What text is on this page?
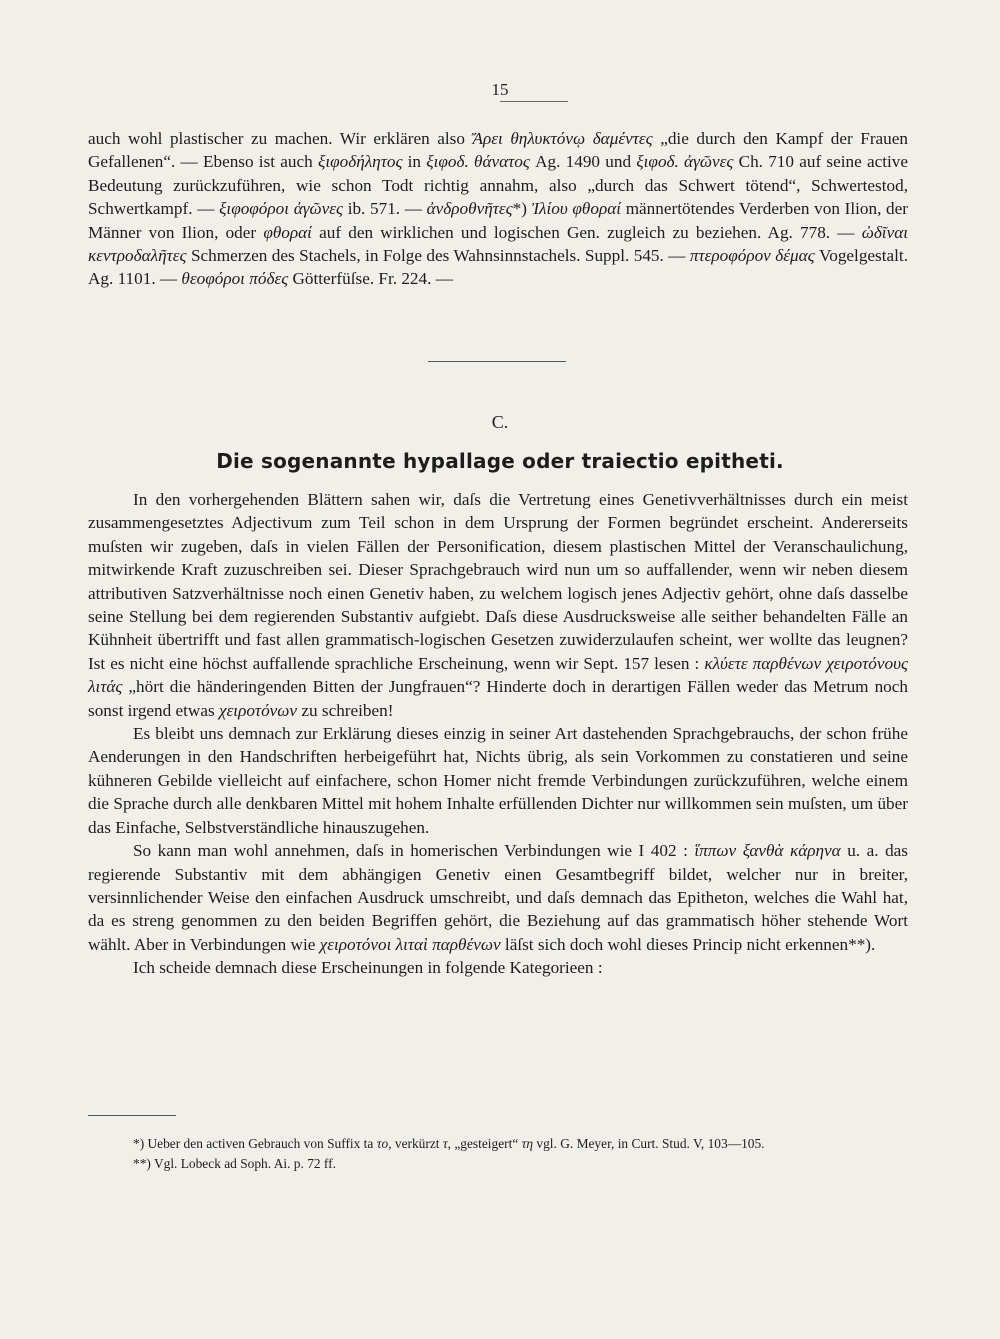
15

auch wohl plastischer zu machen. Wir erklären also Ἄρει θηλυκτόνῳ δαμέντες „die durch den Kampf der Frauen Gefallenen“. — Ebenso ist auch ξιφοδήλητος in ξιφοδ. θάνατος Ag. 1490 und ξιφοδ. ἀγῶνες Ch. 710 auf seine active Bedeutung zurückzuführen, wie schon Todt richtig annahm, also „durch das Schwert tötend“, Schwertestod, Schwertkampf. — ξιφοφόροι ἀγῶνες ib. 571. — ἀνδροθνῆτες*) Ἰλίου φθοραί männertötendes Verderben von Ilion, der Männer von Ilion, oder φθοραί auf den wirklichen und logischen Gen. zugleich zu beziehen. Ag. 778. — ὠδῖναι κεντροδαλῆτες Schmerzen des Stachels, in Folge des Wahnsinnstachels. Suppl. 545. — πτεροφόρον δέμας Vogelgestalt. Ag. 1101. — θεοφόροι πόδες Götterfüſse. Fr. 224. —

C.
Die sogenannte hypallage oder traiectio epitheti.

In den vorhergehenden Blättern sahen wir, daſs die Vertretung eines Genetivverhältnisses durch ein meist zusammengesetztes Adjectivum zum Teil schon in dem Ursprung der Formen begründet erscheint. Andererseits muſsten wir zugeben, daſs in vielen Fällen der Personification, diesem plastischen Mittel der Veranschaulichung, mitwirkende Kraft zuzuschreiben sei. Dieser Sprachgebrauch wird nun um so auffallender, wenn wir neben diesem attributiven Satzverhältnisse noch einen Genetiv haben, zu welchem logisch jenes Adjectiv gehört, ohne daſs dasselbe seine Stellung bei dem regierenden Substantiv aufgiebt. Daſs diese Ausdrucksweise alle seither behandelten Fälle an Kühnheit übertrifft und fast allen grammatisch-logischen Gesetzen zuwiderzulaufen scheint, wer wollte das leugnen? Ist es nicht eine höchst auffallende sprachliche Erscheinung, wenn wir Sept. 157 lesen : κλύετε παρθένων χειροτόνους λιτάς „hört die händeringenden Bitten der Jungfrauen“? Hinderte doch in derartigen Fällen weder das Metrum noch sonst irgend etwas χειροτόνων zu schreiben!

Es bleibt uns demnach zur Erklärung dieses einzig in seiner Art dastehenden Sprachgebrauchs, der schon frühe Aenderungen in den Handschriften herbeigeführt hat, Nichts übrig, als sein Vorkommen zu constatieren und seine kühneren Gebilde vielleicht auf einfachere, schon Homer nicht fremde Verbindungen zurückzuführen, welche einem die Sprache durch alle denkbaren Mittel mit hohem Inhalte erfüllenden Dichter nur willkommen sein muſsten, um über das Einfache, Selbstverständliche hinauszugehen.

So kann man wohl annehmen, daſs in homerischen Verbindungen wie I 402 : ἵππων ξανθὰ κάρηνα u. a. das regierende Substantiv mit dem abhängigen Genetiv einen Gesamtbegriff bildet, welcher nur in breiter, versinnlichender Weise den einfachen Ausdruck umschreibt, und daſs demnach das Epitheton, welches die Wahl hat, da es streng genommen zu den beiden Begriffen gehört, die Beziehung auf das grammatisch höher stehende Wort wählt. Aber in Verbindungen wie χειροτόνοι λιταὶ παρθένων läſst sich doch wohl dieses Princip nicht erkennen**).

Ich scheide demnach diese Erscheinungen in folgende Kategorieen :

*) Ueber den activen Gebrauch von Suffix ta το, verkürzt τ, „gesteigert“ τη vgl. G. Meyer, in Curt. Stud. V, 103—105.

**) Vgl. Lobeck ad Soph. Ai. p. 72 ff.
